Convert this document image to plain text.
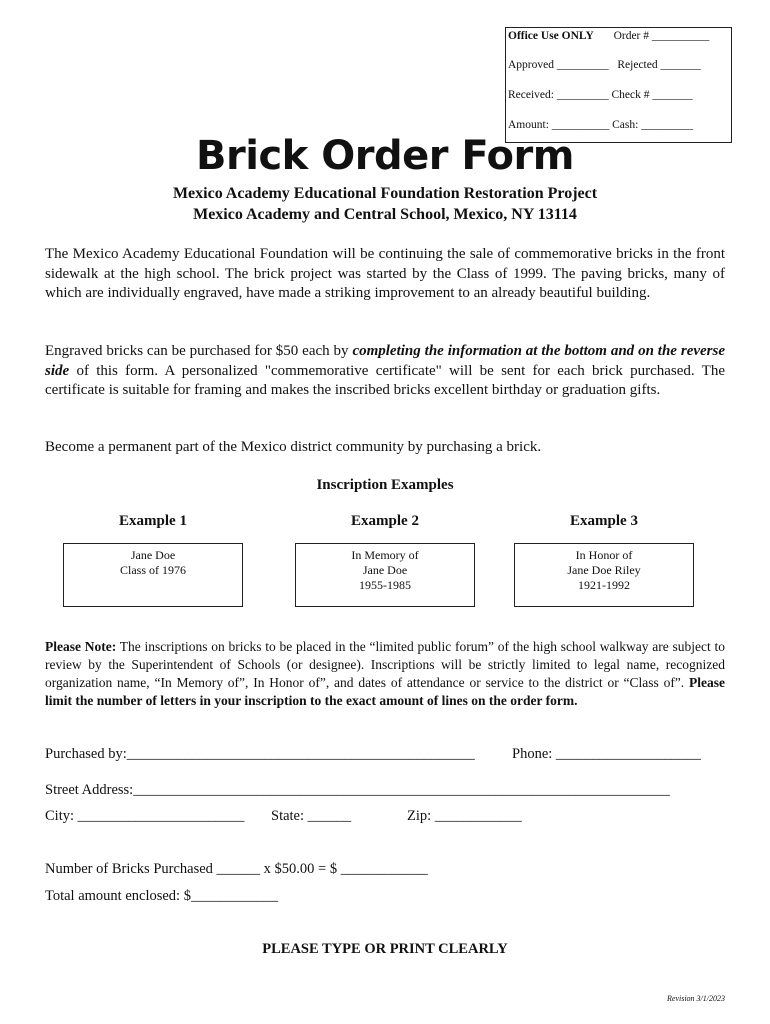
Office Use ONLY Order # __________
Approved _________ Rejected _______
Received: _________ Check # _______
Amount: __________ Cash: _________
Brick Order Form
Mexico Academy Educational Foundation Restoration Project
Mexico Academy and Central School, Mexico, NY 13114
The Mexico Academy Educational Foundation will be continuing the sale of commemorative bricks in the front sidewalk at the high school. The brick project was started by the Class of 1999. The paving bricks, many of which are individually engraved, have made a striking improvement to an already beautiful building.
Engraved bricks can be purchased for $50 each by completing the information at the bottom and on the reverse side of this form. A personalized "commemorative certificate" will be sent for each brick purchased. The certificate is suitable for framing and makes the inscribed bricks excellent birthday or graduation gifts.
Become a permanent part of the Mexico district community by purchasing a brick.
Inscription Examples
Example 1	Example 2	Example 3
Jane Doe
Class of 1976
In Memory of
Jane Doe
1955-1985
In Honor of
Jane Doe Riley
1921-1992
Please Note: The inscriptions on bricks to be placed in the “limited public forum” of the high school walkway are subject to review by the Superintendent of Schools (or designee). Inscriptions will be strictly limited to legal name, recognized organization name, “In Memory of”, In Honor of”, and dates of attendance or service to the district or “Class of”. Please limit the number of letters in your inscription to the exact amount of lines on the order form.
Purchased by:________________________________________________	Phone: ____________________
Street Address:__________________________________________________________________________
City: _______________________ State: ______	Zip: ____________
Number of Bricks Purchased ______ x $50.00 = $ ____________
Total amount enclosed: $____________
PLEASE TYPE OR PRINT CLEARLY
Revision 3/1/2023
